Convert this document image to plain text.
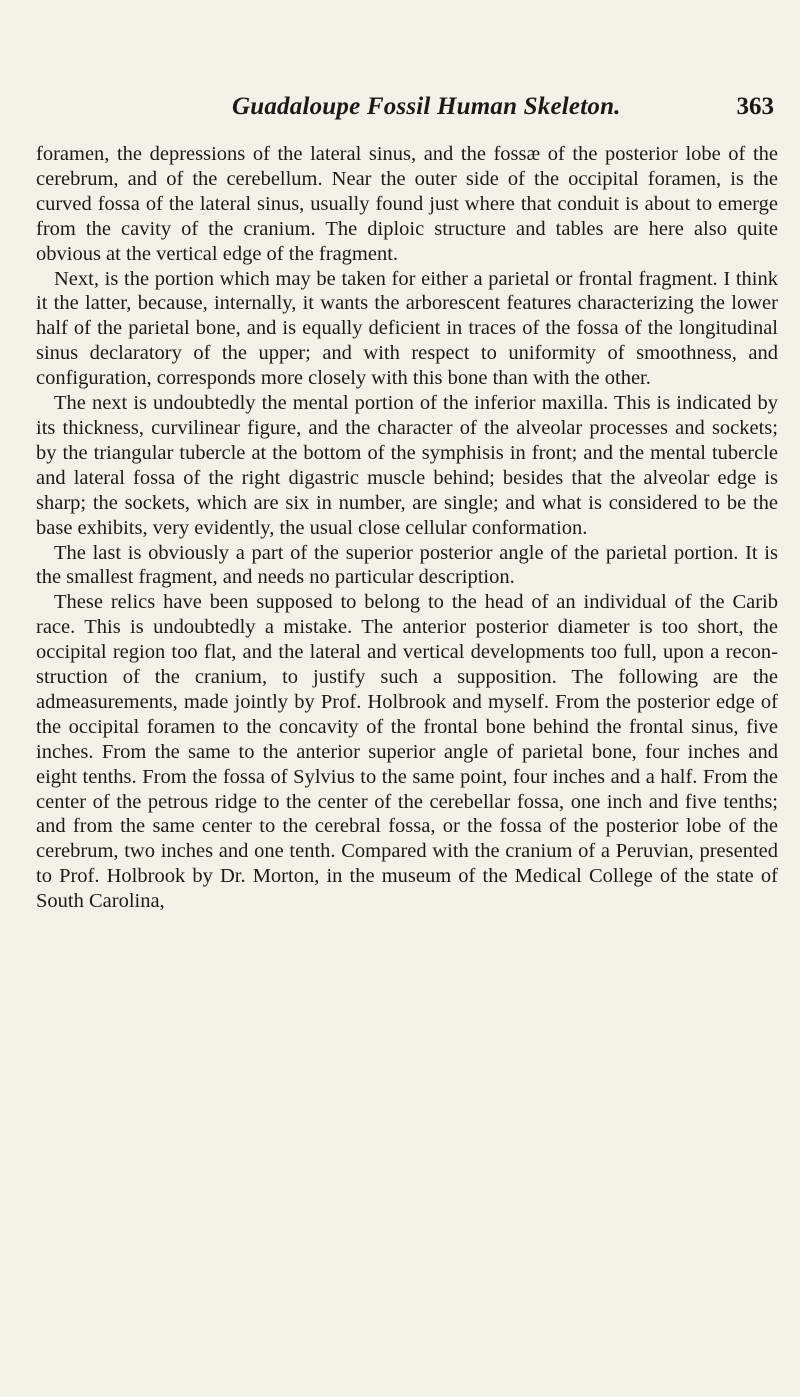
Guadaloupe Fossil Human Skeleton.	363

foramen, the depressions of the lateral sinus, and the fossæ of the posterior lobe of the cerebrum, and of the cerebellum. Near the outer side of the occipital foramen, is the curved fossa of the lateral sinus, usually found just where that conduit is about to emerge from the cavity of the cranium. The diploic structure and tables are here also quite obvious at the vertical edge of the fragment.

Next, is the portion which may be taken for either a parietal or frontal fragment. I think it the latter, because, internally, it wants the arborescent features characterizing the lower half of the parietal bone, and is equally deficient in traces of the fossa of the longitudinal sinus declaratory of the upper; and with respect to uniformity of smoothness, and configuration, corresponds more closely with this bone than with the other.

The next is undoubtedly the mental portion of the inferior maxilla. This is indicated by its thickness, curvilinear figure, and the character of the alveolar processes and sockets; by the triangular tubercle at the bottom of the symphisis in front; and the mental tubercle and lateral fossa of the right digastric muscle behind; besides that the alveolar edge is sharp; the sockets, which are six in number, are single; and what is considered to be the base exhibits, very evidently, the usual close cellular conformation.

The last is obviously a part of the superior posterior angle of the parietal portion. It is the smallest fragment, and needs no particular description.

These relics have been supposed to belong to the head of an individual of the Carib race. This is undoubtedly a mistake. The anterior posterior diameter is too short, the occipital region too flat, and the lateral and vertical developments too full, upon a reconstruction of the cranium, to justify such a supposition. The following are the admeasurements, made jointly by Prof. Holbrook and myself. From the posterior edge of the occipital foramen to the concavity of the frontal bone behind the frontal sinus, five inches. From the same to the anterior superior angle of parietal bone, four inches and eight tenths. From the fossa of Sylvius to the same point, four inches and a half. From the center of the petrous ridge to the center of the cerebellar fossa, one inch and five tenths; and from the same center to the cerebral fossa, or the fossa of the posterior lobe of the cerebrum, two inches and one tenth. Compared with the cranium of a Peruvian, presented to Prof. Holbrook by Dr. Morton, in the museum of the Medical College of the state of South Carolina,
